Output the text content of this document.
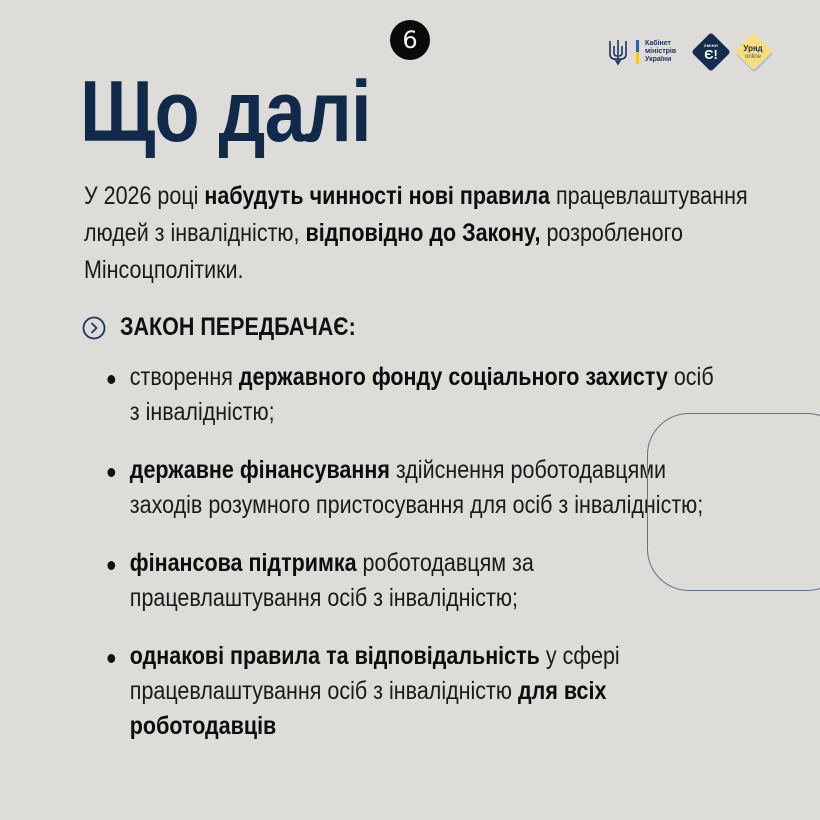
6	Кабінет
міністрів
України
ЗМІНИ
Є!	Уряд
online
Що далі
У 2026 році набудуть чинності нові правила працевлаштування людей з інвалідністю, відповідно до Закону, розробленого Мінсоцполітики.
ЗАКОН ПЕРЕДБАЧАЄ:
створення державного фонду соціального захисту осіб з інвалідністю;
державне фінансування здійснення роботодавцями заходів розумного пристосування для осіб з інвалідністю;
фінансова підтримка роботодавцям за працевлаштування осіб з інвалідністю;
однакові правила та відповідальність у сфері працевлаштування осіб з інвалідністю для всіх роботодавців
